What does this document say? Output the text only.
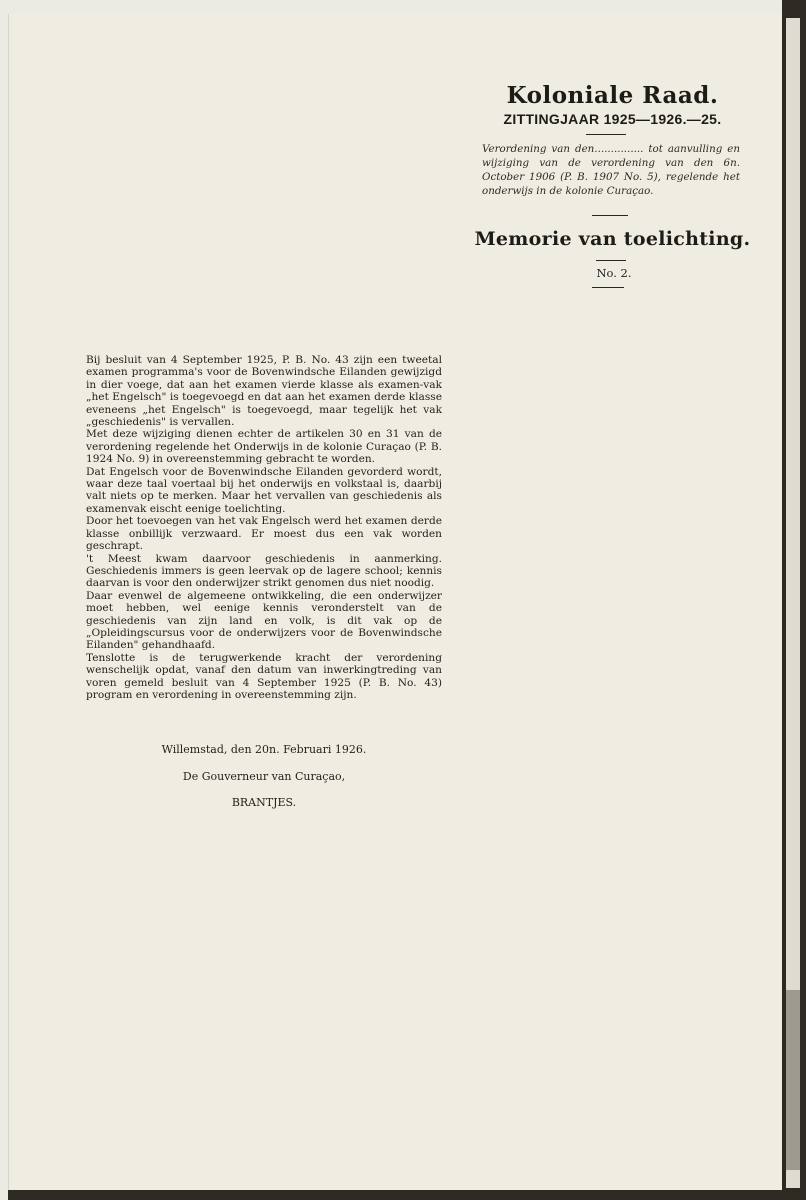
Koloniale Raad.
ZITTINGJAAR 1925—1926.—25.
Verordening van den............... tot aanvulling en wijziging van de verordening van den 6n. October 1906 (P. B. 1907 No. 5), regelende het onderwijs in de kolonie Curaçao.
Memorie van toelichting.
No. 2.

Bij besluit van 4 September 1925, P. B. No. 43 zijn een tweetal examen programma's voor de Bovenwindsche Eilanden gewijzigd in dier voege, dat aan het examen vierde klasse als examen-vak „het Engelsch" is toegevoegd en dat aan het examen derde klasse eveneens „het Engelsch" is toegevoegd, maar tegelijk het vak „geschiedenis" is vervallen.

Met deze wijziging dienen echter de artikelen 30 en 31 van de verordening regelende het Onderwijs in de kolonie Curaçao (P. B. 1924 No. 9) in overeenstemming gebracht te worden.

Dat Engelsch voor de Bovenwindsche Eilanden gevorderd wordt, waar deze taal voertaal bij het onderwijs en volkstaal is, daarbij valt niets op te merken. Maar het vervallen van geschiedenis als examenvak eischt eenige toelichting.

Door het toevoegen van het vak Engelsch werd het examen derde klasse onbillijk verzwaard. Er moest dus een vak worden geschrapt.

't Meest kwam daarvoor geschiedenis in aanmerking. Geschiedenis immers is geen leervak op de lagere school; kennis daarvan is voor den onderwijzer strikt genomen dus niet noodig.

Daar evenwel de algemeene ontwikkeling, die een onderwijzer moet hebben, wel eenige kennis veronderstelt van de geschiedenis van zijn land en volk, is dit vak op de „Opleidingscursus voor de onderwijzers voor de Bovenwindsche Eilanden" gehandhaafd.

Tenslotte is de terugwerkende kracht der verordening wenschelijk opdat, vanaf den datum van inwerkingtreding van voren gemeld besluit van 4 September 1925 (P. B. No. 43) program en verordening in overeenstemming zijn.

Willemstad, den 20n. Februari 1926.
De Gouverneur van Curaçao,
BRANTJES.
